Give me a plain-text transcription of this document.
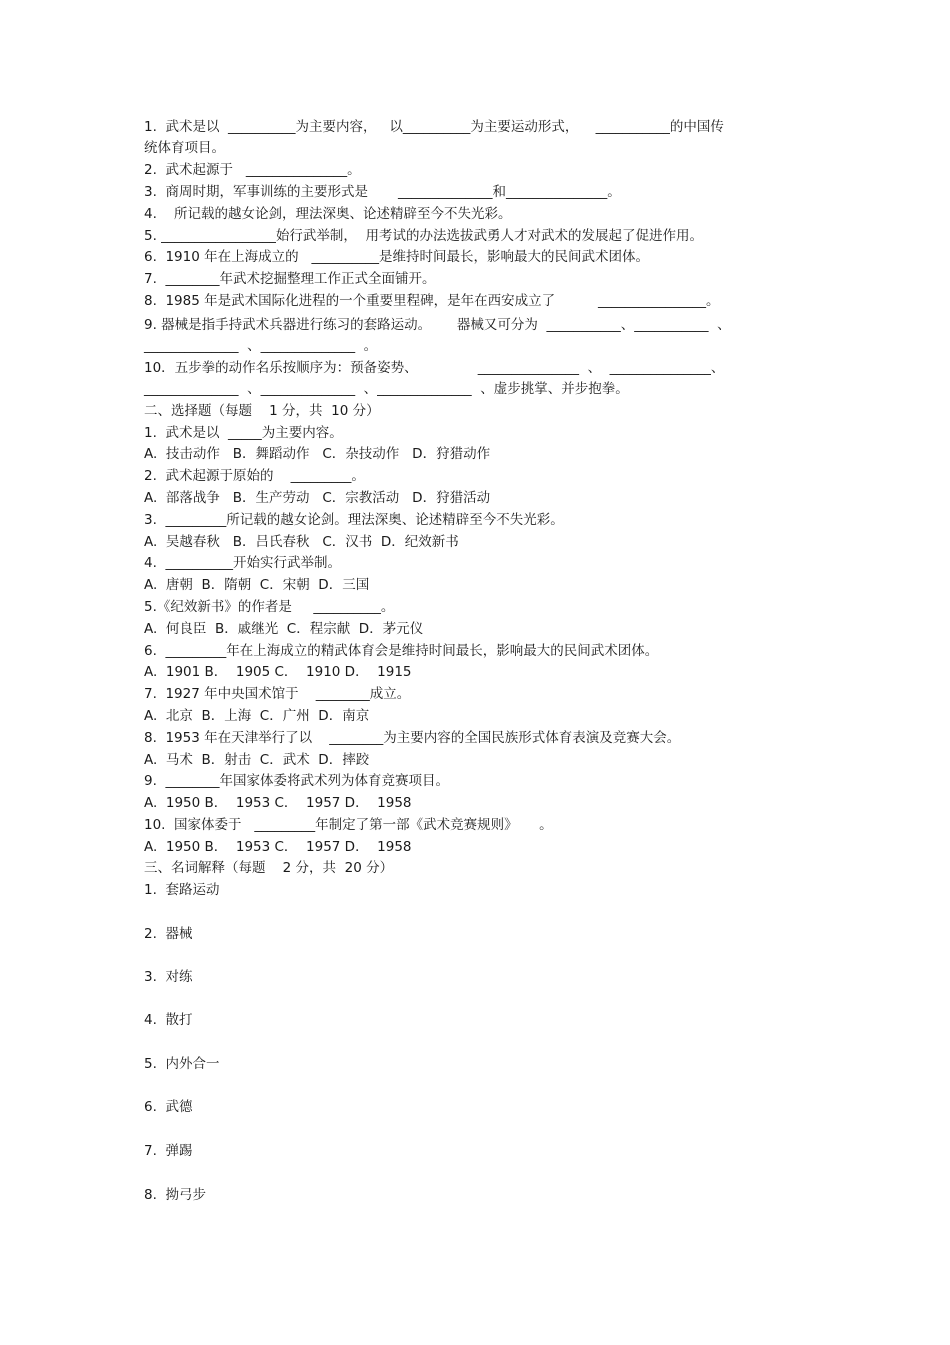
1.  武术是以  __________为主要内容，   以__________为主要运动形式，    ___________的中国传
统体育项目。
2.  武术起源于   _______________。
3.  商周时期，军事训练的主要形式是       ______________和_______________。
4.    所记载的越女论剑，理法深奥、论述精辟至今不失光彩。
5. _________________始行武举制，  用考试的办法选拔武勇人才对武术的发展起了促进作用。
6.  1910 年在上海成立的   __________是维持时间最长，影响最大的民间武术团体。
7.  ________年武术挖掘整理工作正式全面铺开。
8.  1985 年是武术国际化进程的一个重要里程碑，是年在西安成立了          ________________。
9. 器械是指手持武术兵器进行练习的套路运动。      器械又可分为  ___________、___________  、
______________  、______________  。
10．五步拳的动作名乐按顺序为：预备姿势、              _______________  、  _______________、
______________  、______________  、______________  、虚步挑掌、并步抱拳。
二、选择题（每题    1 分，共  10 分）
1.  武术是以  _____为主要内容。
A.  技击动作   B．舞蹈动作   C．杂技动作   D．狩猎动作
2.  武术起源于原始的    _________。
A.  部落战争   B．生产劳动   C．宗教活动   D．狩猎活动
3.  _________所记载的越女论剑。理法深奥、论述精辟至今不失光彩。
A.  吴越春秋   B．吕氏春秋   C．汉书  D．纪效新书
4.  __________开始实行武举制。
A.  唐朝  B．隋朝  C．宋朝  D．三国
5.《纪效新书》的作者是     __________。
A.  何良臣  B．戚继光  C．程宗献  D．茅元仪
6.  _________年在上海成立的精武体育会是维持时间最长，影响最大的民间武术团体。
A.  1901 B．  1905 C．  1910 D．  1915
7.  1927 年中央国术馆于    ________成立。
A.  北京  B．上海  C．广州  D．南京
8.  1953 年在天津举行了以    ________为主要内容的全国民族形式体育表演及竞赛大会。
A.  马术  B．射击  C．武术  D．摔跤
9.  ________年国家体委将武术列为体育竞赛项目。
A.  1950 B．  1953 C．  1957 D．  1958
10.  国家体委于   _________年制定了第一部《武术竞赛规则》     。
A.  1950 B．  1953 C．  1957 D．  1958
三、名词解释（每题    2 分，共  20 分）
1.  套路运动
2.  器械
3.  对练
4.  散打
5.  内外合一
6.  武德
7.  弹踢
8.  拗弓步
